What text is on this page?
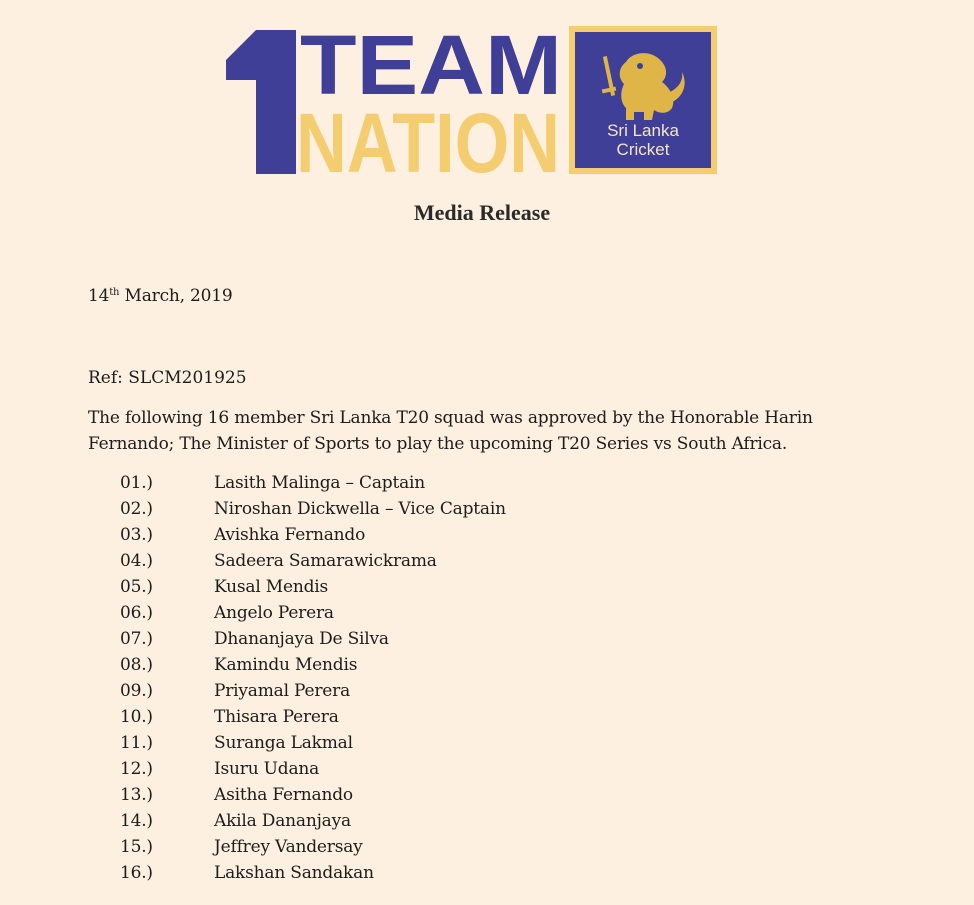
TEAM
NATION	Sri Lanka
Cricket
Media Release
14th March, 2019
Ref: SLCM201925
The following 16 member Sri Lanka T20 squad was approved by the Honorable Harin Fernando; The Minister of Sports to play the upcoming T20 Series vs South Africa.
01.)	Lasith Malinga – Captain
02.)	Niroshan Dickwella – Vice Captain
03.)	Avishka Fernando
04.)	Sadeera Samarawickrama
05.)	Kusal Mendis
06.)	Angelo Perera
07.)	Dhananjaya De Silva
08.)	Kamindu Mendis
09.)	Priyamal Perera
10.)	Thisara Perera
11.)	Suranga Lakmal
12.)	Isuru Udana
13.)	Asitha Fernando
14.)	Akila Dananjaya
15.)	Jeffrey Vandersay
16.)	Lakshan Sandakan
